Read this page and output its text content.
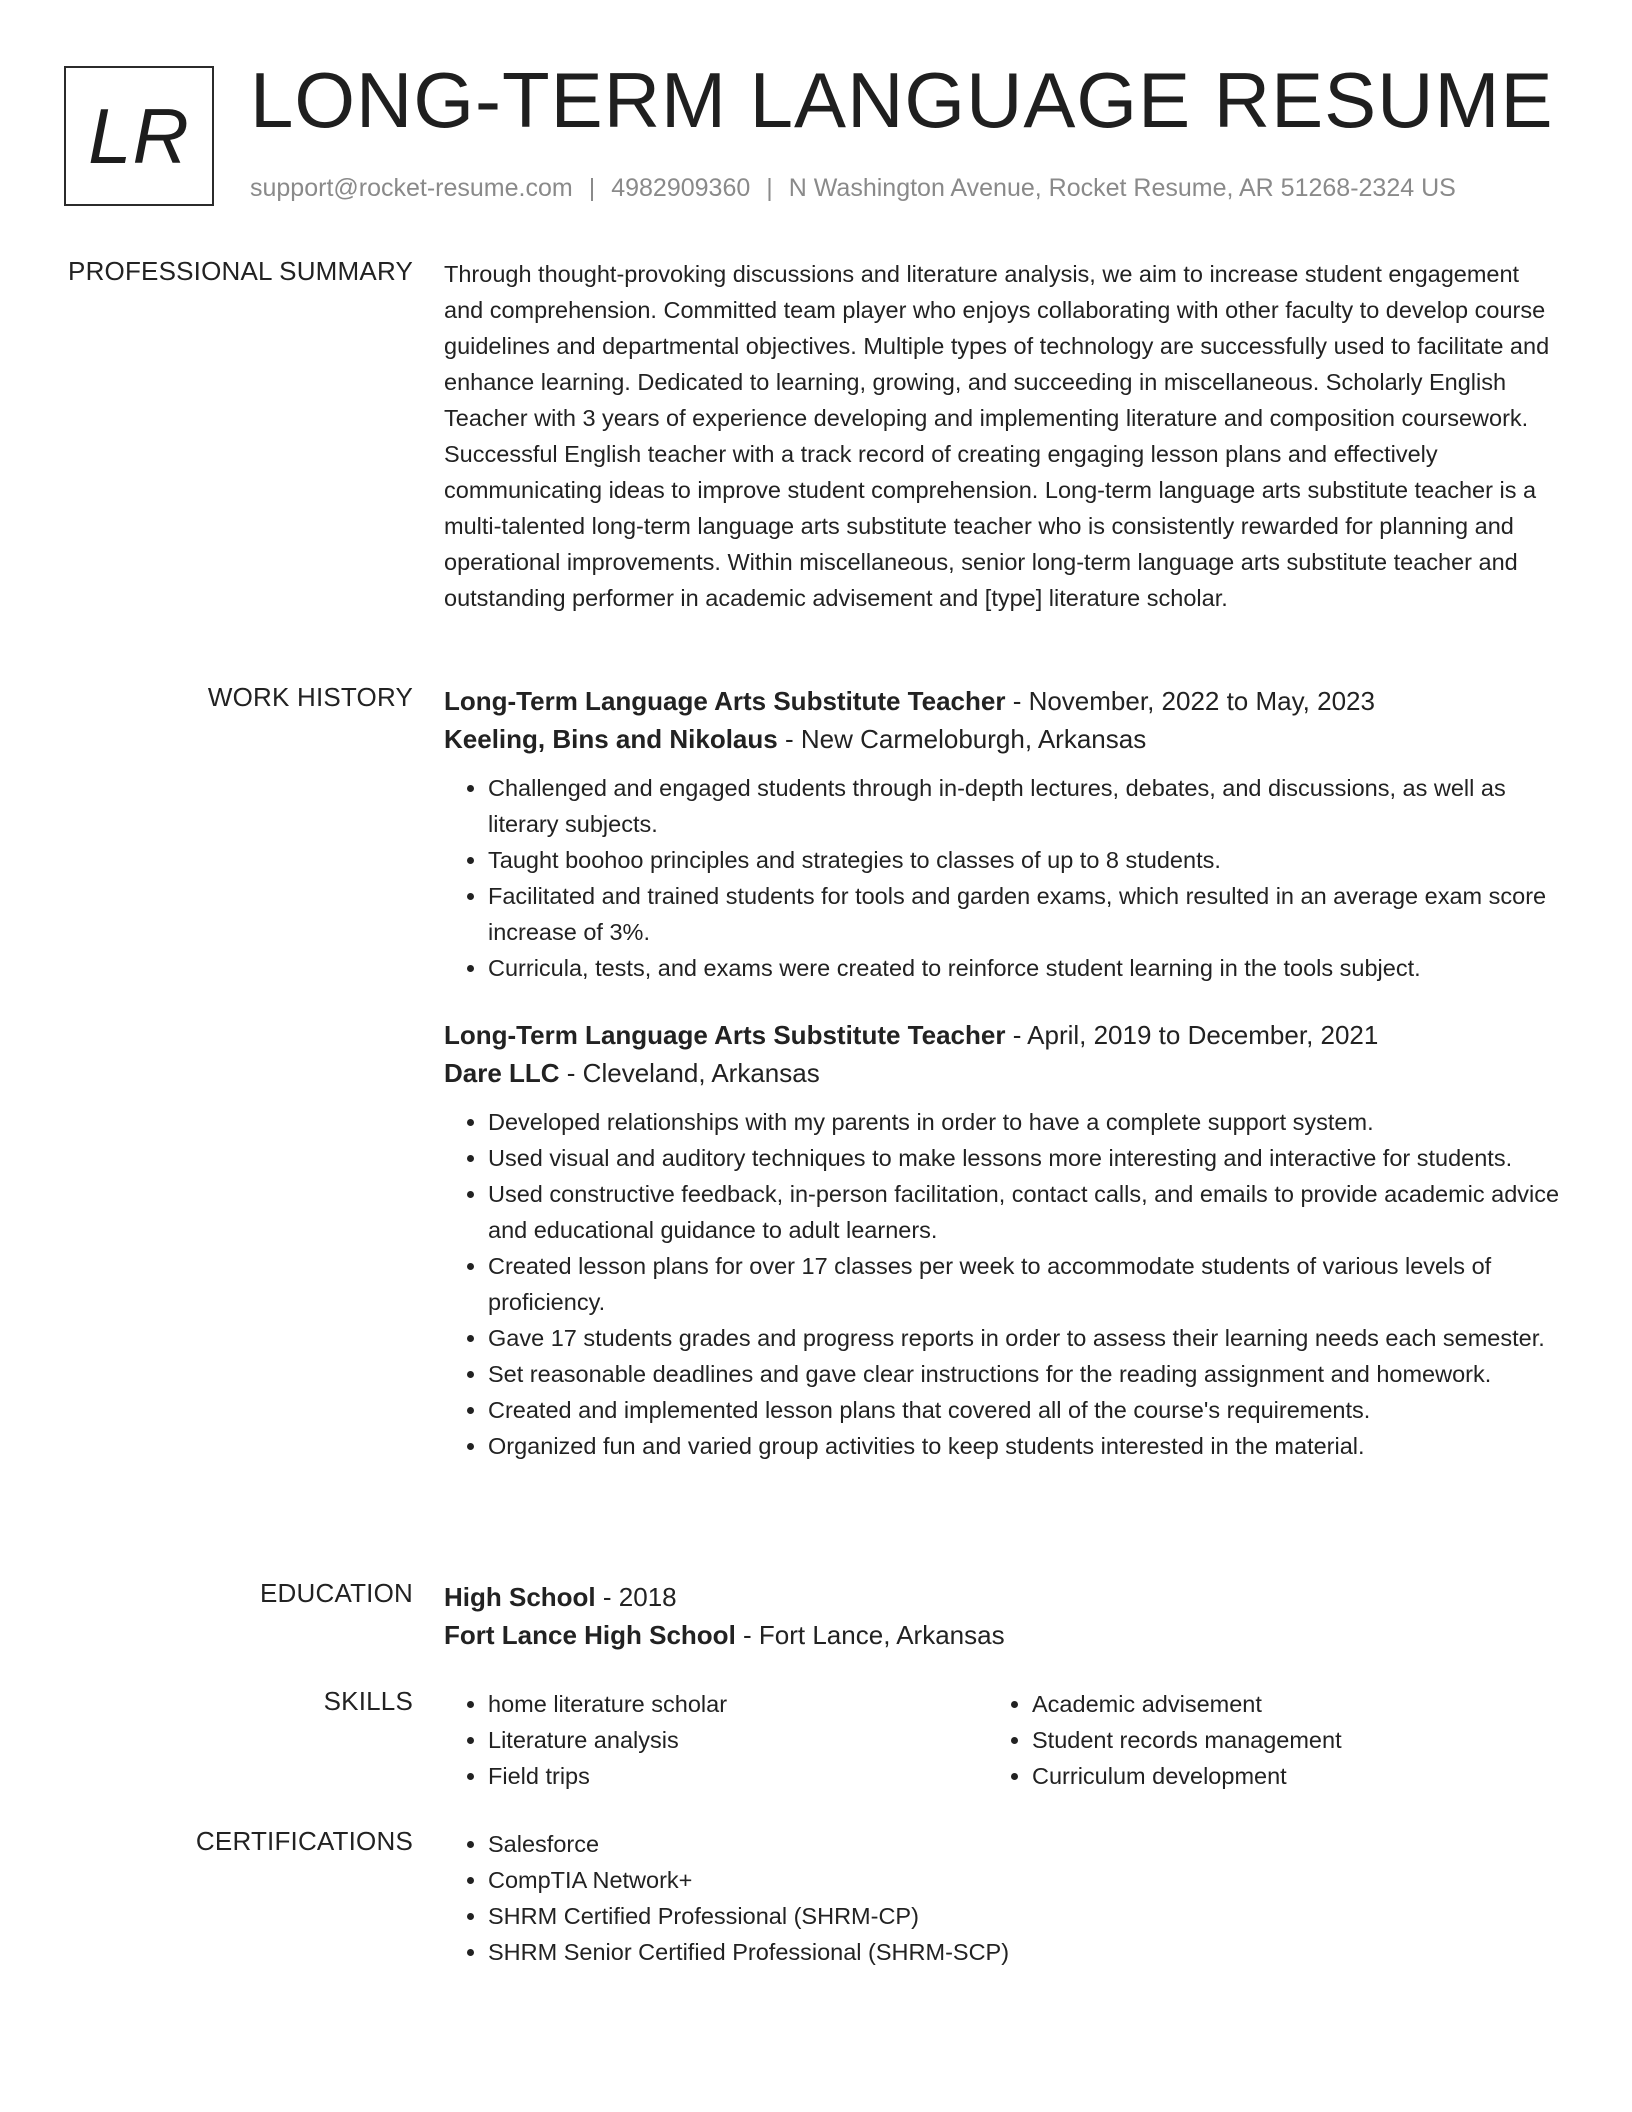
LR LONG-TERM LANGUAGE RESUME
support@rocket-resume.com | 4982909360 | N Washington Avenue, Rocket Resume, AR 51268-2324 US
PROFESSIONAL SUMMARY Through thought-provoking discussions and literature analysis, we aim to increase student engagement and comprehension. Committed team player who enjoys collaborating with other faculty to develop course guidelines and departmental objectives. Multiple types of technology are successfully used to facilitate and enhance learning. Dedicated to learning, growing, and succeeding in miscellaneous. Scholarly English Teacher with 3 years of experience developing and implementing literature and composition coursework. Successful English teacher with a track record of creating engaging lesson plans and effectively communicating ideas to improve student comprehension. Long-term language arts substitute teacher is a multi-talented long-term language arts substitute teacher who is consistently rewarded for planning and operational improvements. Within miscellaneous, senior long-term language arts substitute teacher and outstanding performer in academic advisement and [type] literature scholar.

WORK HISTORY Long-Term Language Arts Substitute Teacher - November, 2022 to May, 2023

Keeling, Bins and Nikolaus - New Carmeloburgh, Arkansas

• Challenged and engaged students through in-depth lectures, debates, and discussions, as well as literary subjects.
• Taught boohoo principles and strategies to classes of up to 8 students.
• Facilitated and trained students for tools and garden exams, which resulted in an average exam score increase of 3%.
• Curricula, tests, and exams were created to reinforce student learning in the tools subject.

Long-Term Language Arts Substitute Teacher - April, 2019 to December, 2021

Dare LLC - Cleveland, Arkansas

• Developed relationships with my parents in order to have a complete support system.
• Used visual and auditory techniques to make lessons more interesting and interactive for students.
• Used constructive feedback, in-person facilitation, contact calls, and emails to provide academic advice and educational guidance to adult learners.
• Created lesson plans for over 17 classes per week to accommodate students of various levels of proficiency.
• Gave 17 students grades and progress reports in order to assess their learning needs each semester.
• Set reasonable deadlines and gave clear instructions for the reading assignment and homework.
• Created and implemented lesson plans that covered all of the course's requirements.
• Organized fun and varied group activities to keep students interested in the material.
EDUCATION High School - 2018

Fort Lance High School - Fort Lance, Arkansas

SKILLS	• home literature scholar
• Literature analysis
• Field trips
• Academic advisement
• Student records management
• Curriculum development
CERTIFICATIONS	• Salesforce
• CompTIA Network+
• SHRM Certified Professional (SHRM-CP)
• SHRM Senior Certified Professional (SHRM-SCP)
